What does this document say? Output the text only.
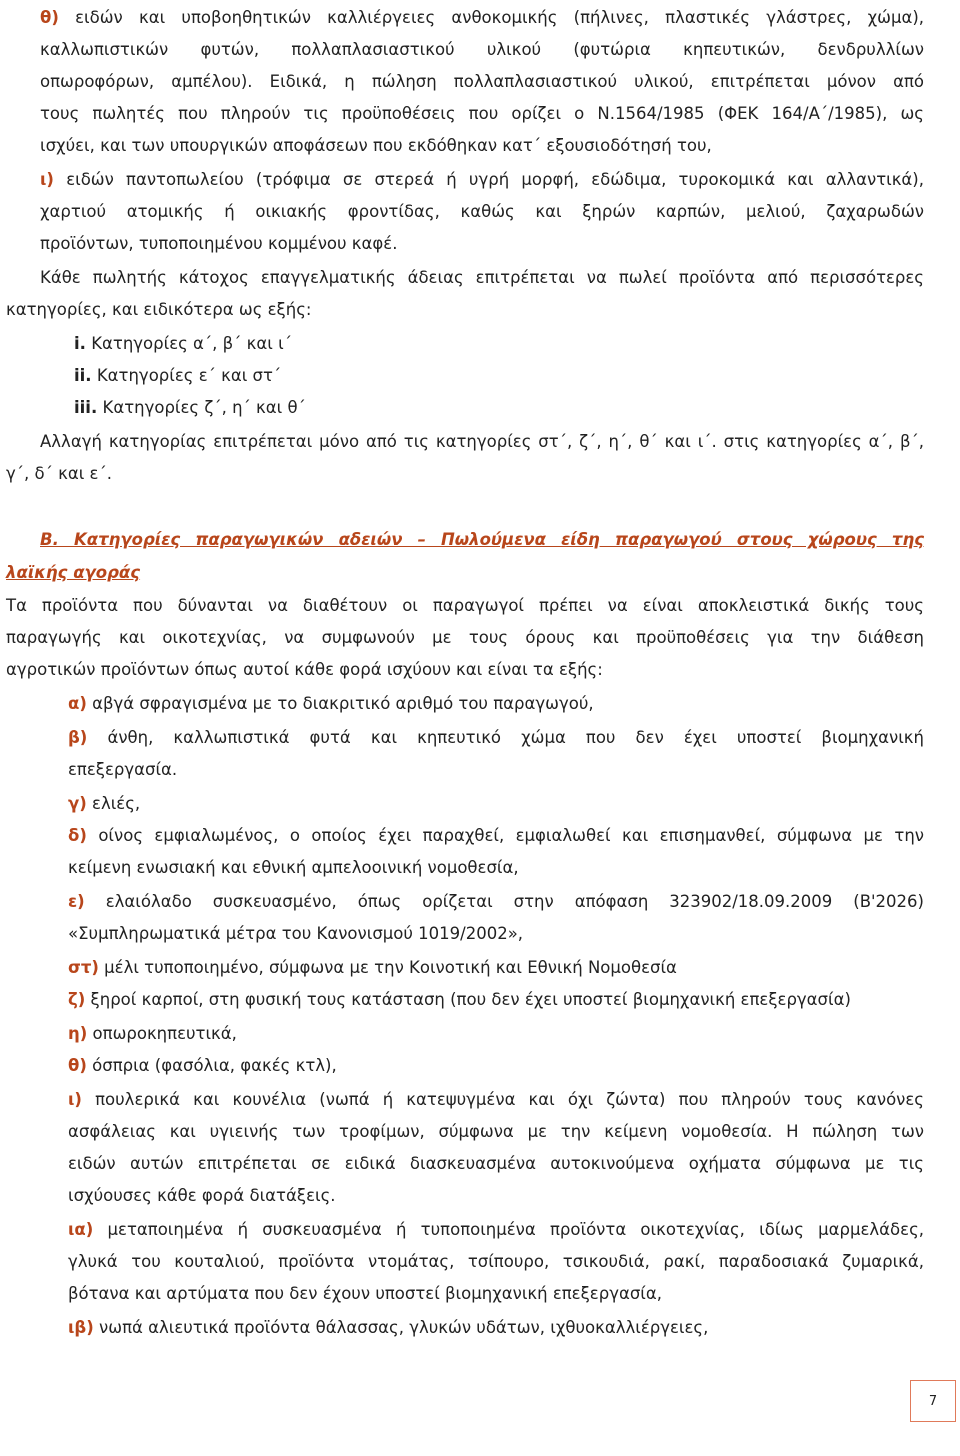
θ) ειδών και υποβοηθητικών καλλιέργειες ανθοκομικής (πήλινες, πλαστικές γλάστρες, χώμα),
καλλωπιστικών φυτών, πολλαπλασιαστικού υλικού (φυτώρια κηπευτικών, δενδρυλλίων
οπωροφόρων, αμπέλου). Ειδικά, η πώληση πολλαπλασιαστικού υλικού, επιτρέπεται μόνον από
τους πωλητές που πληρούν τις προϋποθέσεις που ορίζει ο Ν.1564/1985 (ΦΕΚ 164/Α΄/1985), ως
ισχύει, και των υπουργικών αποφάσεων που εκδόθηκαν κατ΄ εξουσιοδότησή του,
ι) ειδών παντοπωλείου (τρόφιμα σε στερεά ή υγρή μορφή, εδώδιμα, τυροκομικά και αλλαντικά),
χαρτιού ατομικής ή οικιακής φροντίδας, καθώς και ξηρών καρπών, μελιού, ζαχαρωδών
προϊόντων, τυποποιημένου κομμένου καφέ.
Κάθε πωλητής κάτοχος επαγγελματικής άδειας επιτρέπεται να πωλεί προϊόντα από περισσότερες
κατηγορίες, και ειδικότερα ως εξής:
i. Κατηγορίες α΄, β΄ και ι΄
ii. Κατηγορίες ε΄ και στ΄
iii. Κατηγορίες ζ΄, η΄ και θ΄
Αλλαγή κατηγορίας επιτρέπεται μόνο από τις κατηγορίες στ΄, ζ΄, η΄, θ΄ και ι΄. στις κατηγορίες α΄, β΄,
γ΄, δ΄ και ε΄.
Β. Κατηγορίες παραγωγικών αδειών – Πωλούμενα είδη παραγωγού στους χώρους της
λαϊκής αγοράς
Τα προϊόντα που δύνανται να διαθέτουν οι παραγωγοί πρέπει να είναι αποκλειστικά δικής τους
παραγωγής και οικοτεχνίας, να συμφωνούν με τους όρους και προϋποθέσεις για την διάθεση
αγροτικών προϊόντων όπως αυτοί κάθε φορά ισχύουν και είναι τα εξής:
α) αβγά σφραγισμένα με το διακριτικό αριθμό του παραγωγού,
β) άνθη, καλλωπιστικά φυτά και κηπευτικό χώμα που δεν έχει υποστεί βιομηχανική
επεξεργασία.
γ) ελιές,
δ) οίνος εμφιαλωμένος, ο οποίος έχει παραχθεί, εμφιαλωθεί και επισημανθεί, σύμφωνα με την
κείμενη ενωσιακή και εθνική αμπελοοινική νομοθεσία,
ε) ελαιόλαδο συσκευασμένο, όπως ορίζεται στην απόφαση 323902/18.09.2009 (Β'2026)
«Συμπληρωματικά μέτρα του Κανονισμού 1019/2002»,
στ) μέλι τυποποιημένο, σύμφωνα με την Κοινοτική και Εθνική Νομοθεσία
ζ) ξηροί καρποί, στη φυσική τους κατάσταση (που δεν έχει υποστεί βιομηχανική επεξεργασία)
η) οπωροκηπευτικά,
θ) όσπρια (φασόλια, φακές κτλ),
ι) πουλερικά και κουνέλια (νωπά ή κατεψυγμένα και όχι ζώντα) που πληρούν τους κανόνες
ασφάλειας και υγιεινής των τροφίμων, σύμφωνα με την κείμενη νομοθεσία. Η πώληση των
ειδών αυτών επιτρέπεται σε ειδικά διασκευασμένα αυτοκινούμενα οχήματα σύμφωνα με τις
ισχύουσες κάθε φορά διατάξεις.
ια) μεταποιημένα ή συσκευασμένα ή τυποποιημένα προϊόντα οικοτεχνίας, ιδίως μαρμελάδες,
γλυκά του κουταλιού, προϊόντα ντομάτας, τσίπουρο, τσικουδιά, ρακί, παραδοσιακά ζυμαρικά,
βότανα και αρτύματα που δεν έχουν υποστεί βιομηχανική επεξεργασία,
ιβ) νωπά αλιευτικά προϊόντα θάλασσας, γλυκών υδάτων, ιχθυοκαλλιέργειες,
7
